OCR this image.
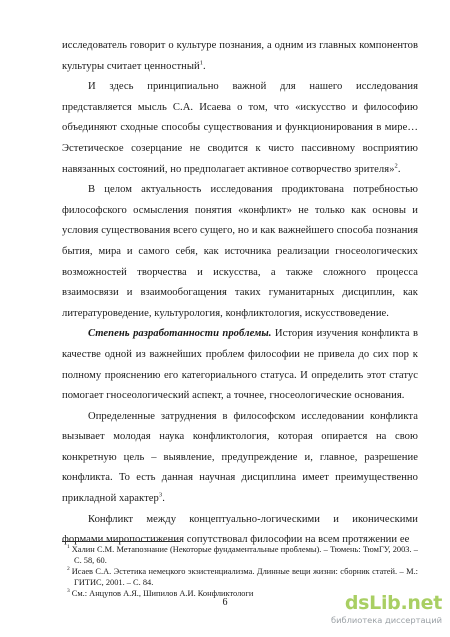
исследователь говорит о культуре познания, а одним из главных компонентов культуры считает ценностный$^1$.

И здесь принципиально важной для нашего исследования представляется мысль С.А. Исаева о том, что «искусство и философию объединяют сходные способы существования и функционирования в мире… Эстетическое созерцание не сводится к чисто пассивному восприятию навязанных состояний, но предполагает активное сотворчество зрителя»$^2$.

В целом актуальность исследования продиктована потребностью философского осмысления понятия «конфликт» не только как основы и условия существования всего сущего, но и как важнейшего способа познания бытия, мира и самого себя, как источника реализации гносеологических возможностей творчества и искусства, а также сложного процесса взаимосвязи и взаимообогащения таких гуманитарных дисциплин, как литературоведение, культурология, конфликтология, искусствоведение.

Степень разработанности проблемы. История изучения конфликта в качестве одной из важнейших проблем философии не привела до сих пор к полному прояснению его категориального статуса. И определить этот статус помогает гносеологический аспект, а точнее, гносеологические основания.

Определенные затруднения в философском исследовании конфликта вызывает молодая наука конфликтология, которая опирается на свою конкретную цель – выявление, предупреждение и, главное, разрешение конфликта. То есть данная научная дисциплина имеет преимущественно прикладной характер$^3$.

Конфликт между концептуально-логическими и иконическими формами миропостижения сопутствовал философии на всем протяжении ее

$^1$ Халин С.М. Метапознание (Некоторые фундаментальные проблемы). – Тюмень: ТюмГУ, 2003. – С. 58, 60.

$^2$ Исаев С.А. Эстетика немецкого экзистенциализма. Длинные вещи жизни: сборник статей. – М.: ГИТИС, 2001. – С. 84.

$^3$ См.: Анцупов А.Я., Шипилов А.И. Конфликтологи

6	dsLib.net
библиотека диссертаций
